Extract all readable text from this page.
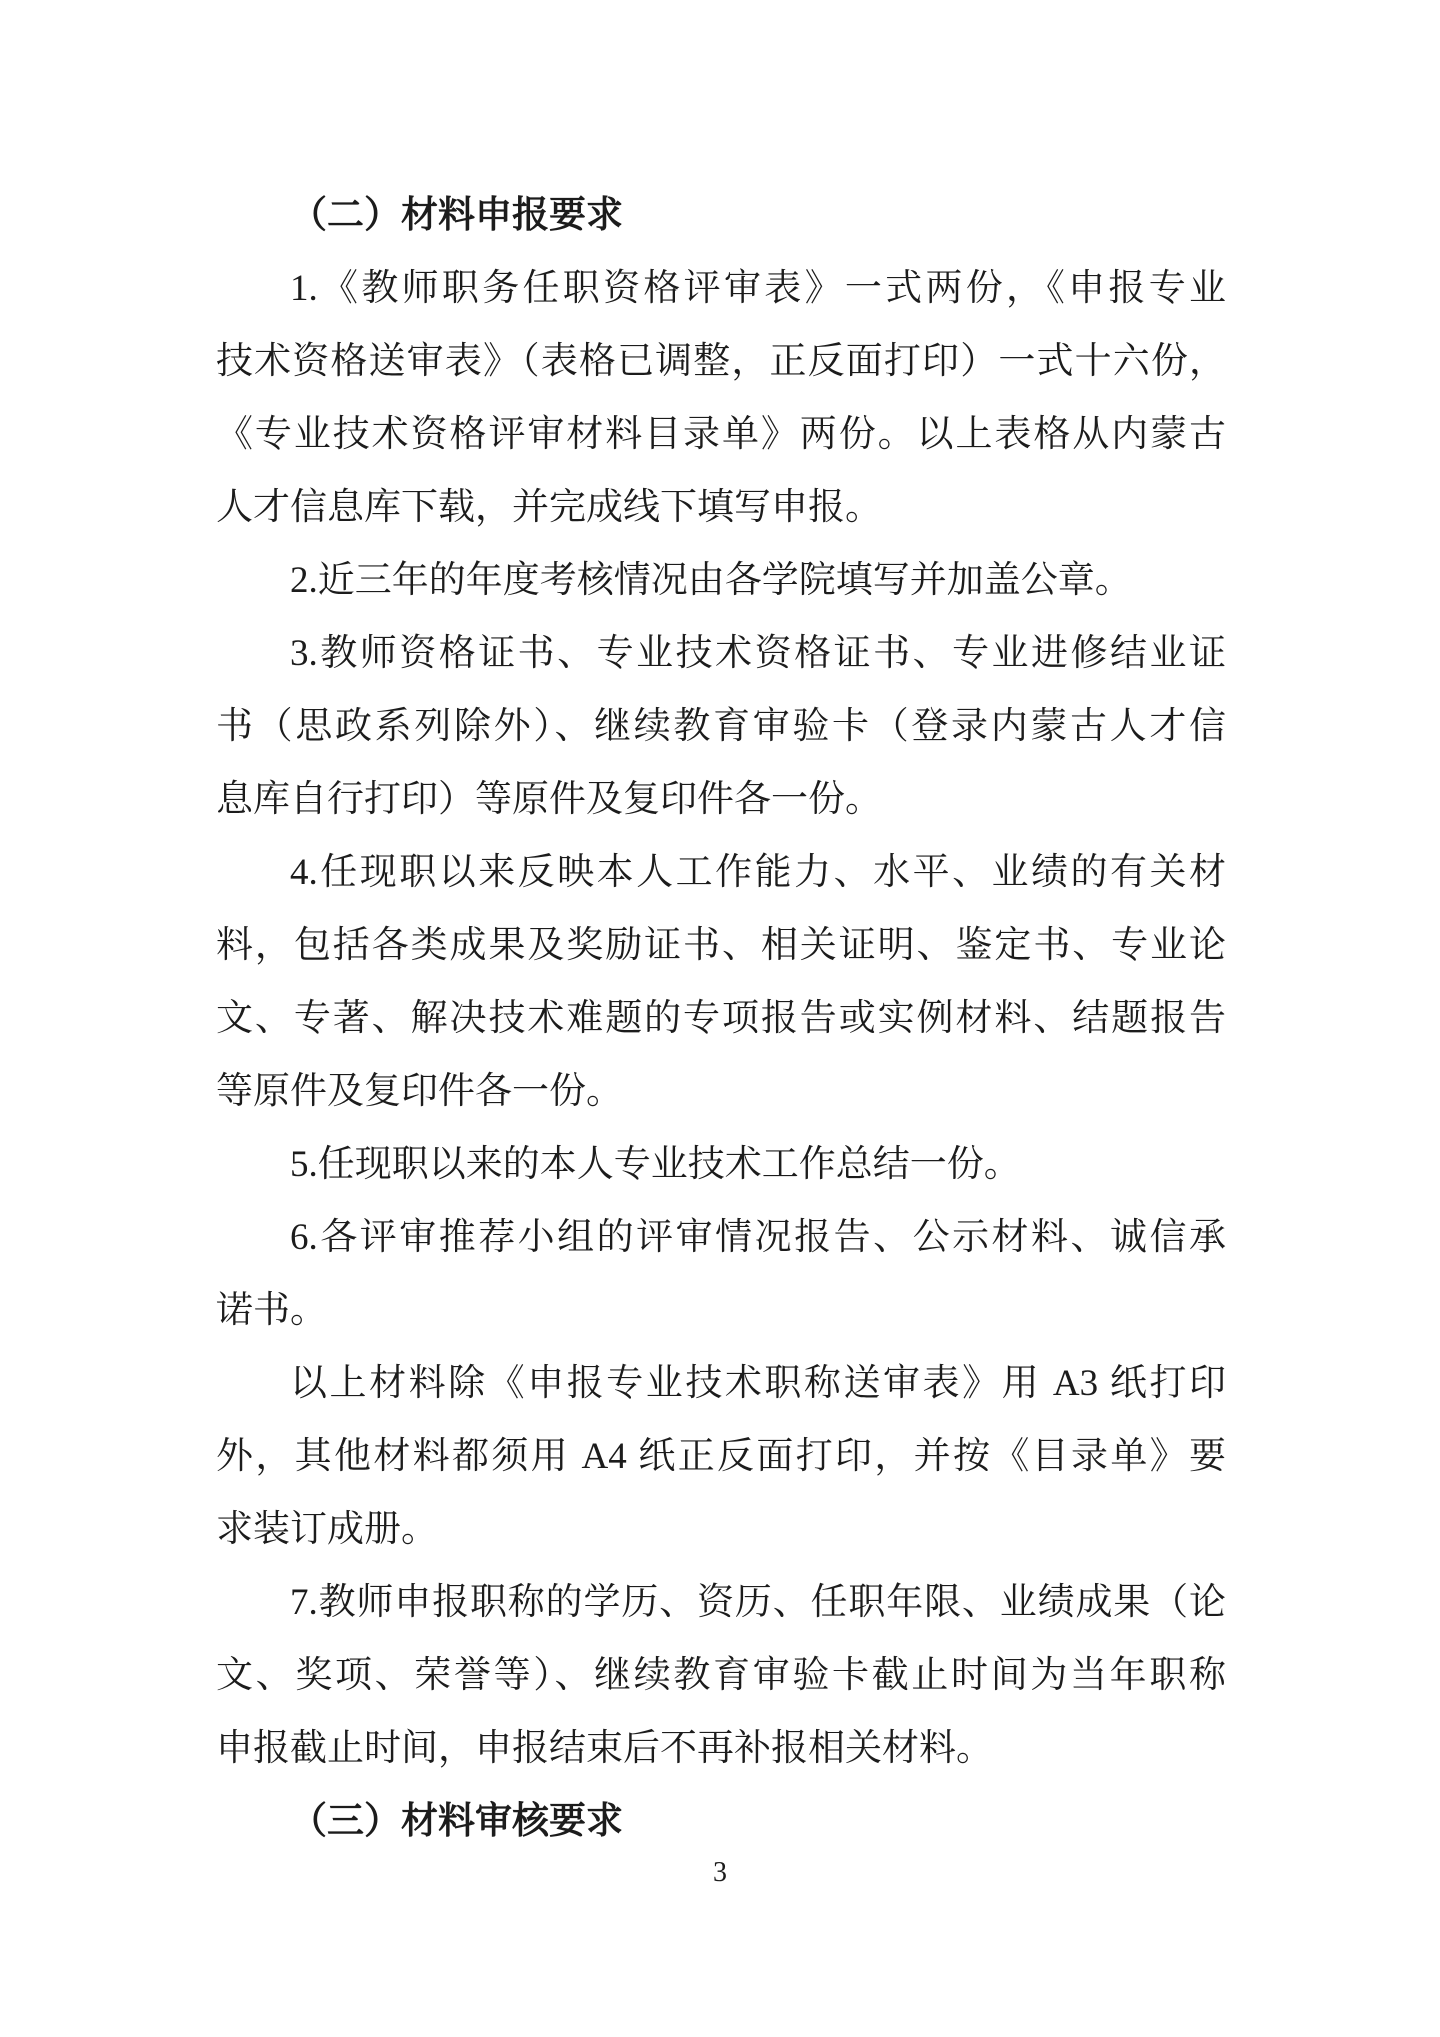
（二）材料申报要求
1.《教师职务任职资格评审表》一式两份，《申报专业
技术资格送审表》（表格已调整，正反面打印）一式十六份，
《专业技术资格评审材料目录单》两份。以上表格从内蒙古
人才信息库下载，并完成线下填写申报。
2.近三年的年度考核情况由各学院填写并加盖公章。
3.教师资格证书、专业技术资格证书、专业进修结业证
书（思政系列除外）、继续教育审验卡（登录内蒙古人才信
息库自行打印）等原件及复印件各一份。
4.任现职以来反映本人工作能力、水平、业绩的有关材
料，包括各类成果及奖励证书、相关证明、鉴定书、专业论
文、专著、解决技术难题的专项报告或实例材料、结题报告
等原件及复印件各一份。
5.任现职以来的本人专业技术工作总结一份。
6.各评审推荐小组的评审情况报告、公示材料、诚信承
诺书。
以上材料除《申报专业技术职称送审表》用 A3 纸打印
外，其他材料都须用 A4 纸正反面打印，并按《目录单》要
求装订成册。
7.教师申报职称的学历、资历、任职年限、业绩成果（论
文、奖项、荣誉等）、继续教育审验卡截止时间为当年职称
申报截止时间，申报结束后不再补报相关材料。
（三）材料审核要求
3
